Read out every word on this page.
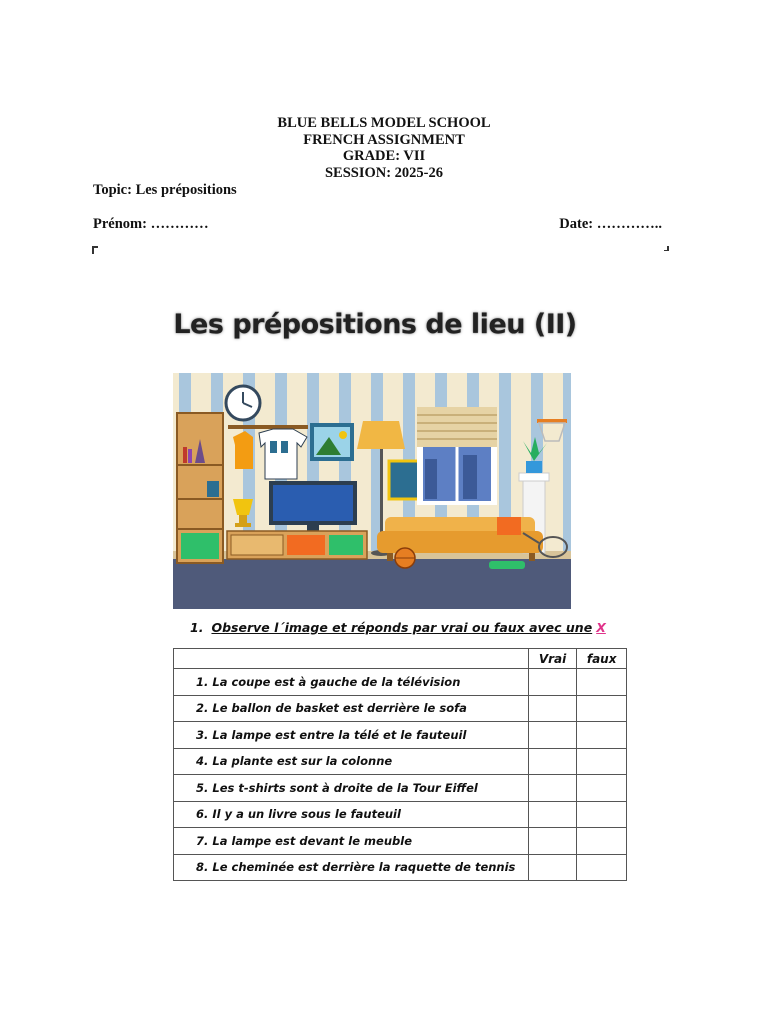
BLUE BELLS MODEL SCHOOL
FRENCH ASSIGNMENT
GRADE: VII
SESSION: 2025-26
Topic: Les prépositions
Prénom: …………	Date: …………..
Les prépositions de lieu (II)
1. Observe l´image et réponds par vrai ou faux avec une X
	Vrai	faux
1. La coupe est à gauche de la télévision		
2. Le ballon de basket est derrière le sofa		
3. La lampe est entre la télé et le fauteuil		
4. La plante est sur la colonne		
5. Les t-shirts sont à droite de la Tour Eiffel		
6. Il y a un livre sous le fauteuil		
7. La lampe est devant le meuble		
8. Le cheminée est derrière la raquette de tennis		
